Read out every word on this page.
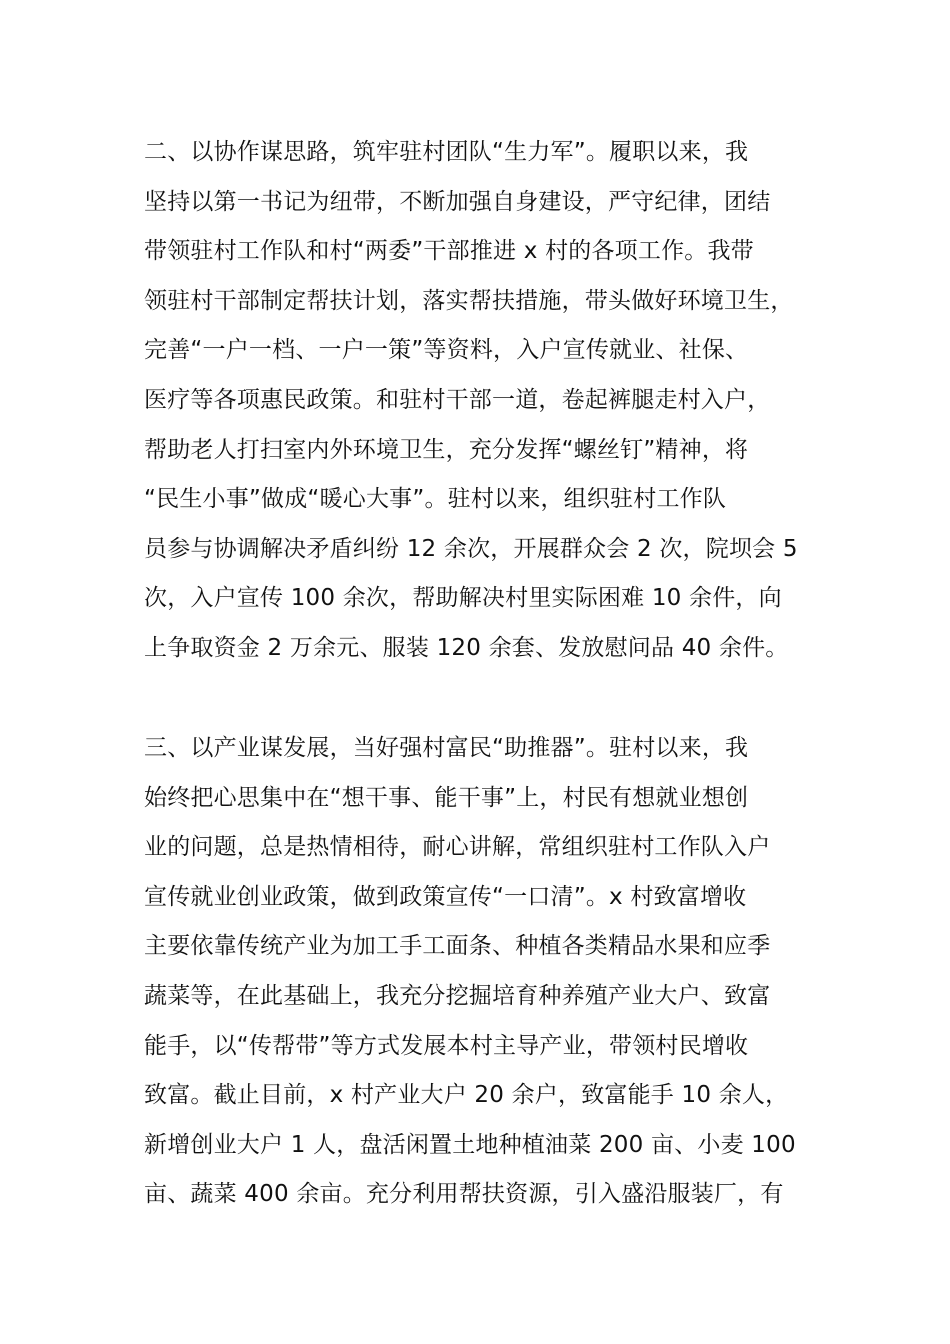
二、以协作谋思路，筑牢驻村团队“生力军”。履职以来，我
坚持以第一书记为纽带，不断加强自身建设，严守纪律，团结
带领驻村工作队和村“两委”干部推进 x 村的各项工作。我带
领驻村干部制定帮扶计划，落实帮扶措施，带头做好环境卫生，
完善“一户一档、一户一策”等资料，入户宣传就业、社保、
医疗等各项惠民政策。和驻村干部一道，卷起裤腿走村入户，
帮助老人打扫室内外环境卫生，充分发挥“螺丝钉”精神，将
“民生小事”做成“暖心大事”。驻村以来，组织驻村工作队
员参与协调解决矛盾纠纷 12 余次，开展群众会 2 次，院坝会 5
次，入户宣传 100 余次，帮助解决村里实际困难 10 余件，向
上争取资金 2 万余元、服装 120 余套、发放慰问品 40 余件。
三、以产业谋发展，当好强村富民“助推器”。驻村以来，我
始终把心思集中在“想干事、能干事”上，村民有想就业想创
业的问题，总是热情相待，耐心讲解，常组织驻村工作队入户
宣传就业创业政策，做到政策宣传“一口清”。x 村致富增收
主要依靠传统产业为加工手工面条、种植各类精品水果和应季
蔬菜等，在此基础上，我充分挖掘培育种养殖产业大户、致富
能手，以“传帮带”等方式发展本村主导产业，带领村民增收
致富。截止目前，x 村产业大户 20 余户，致富能手 10 余人，
新增创业大户 1 人，盘活闲置土地种植油菜 200 亩、小麦 100
亩、蔬菜 400 余亩。充分利用帮扶资源，引入盛沿服装厂，有
